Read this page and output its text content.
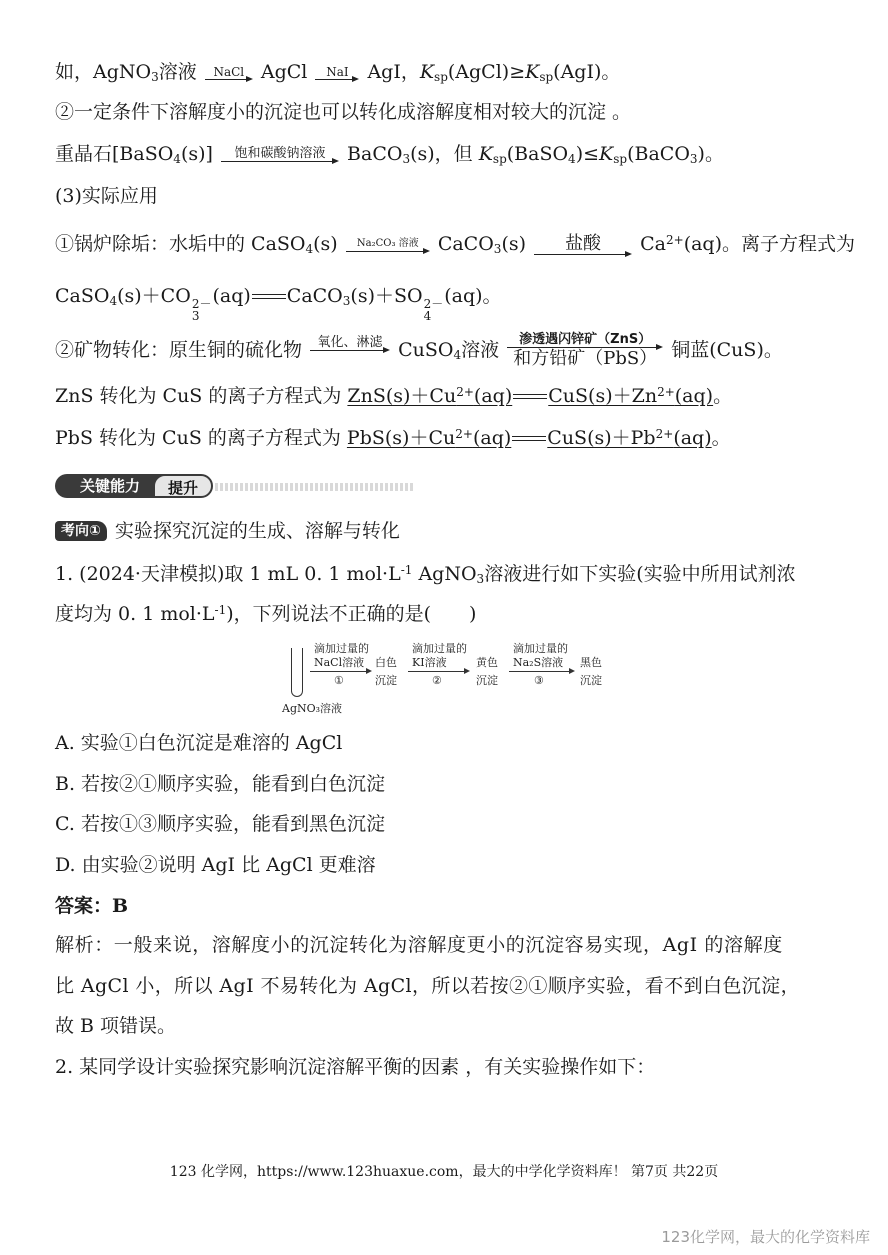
如，AgNO$_3$溶液 NaCl AgCl NaI AgI，$K_{sp}(AgCl)\ge K_{sp}(AgI)$。
②一定条件下溶解度小的沉淀也可以转化成溶解度相对较大的沉淀 。
重晶石[BaSO$_4$(s)] 饱和碳酸钠溶液 BaCO$_3$(s)，但 $K_{sp}(BaSO_4)\le K_{sp}(BaCO_3)$。
(3)实际应用
①锅炉除垢：水垢中的 CaSO$_4$(s) Na₂CO₃ 溶液 CaCO$_3$(s) 盐酸 $Ca^{2+}(aq)$。离子方程式为
CaSO$_4$(s)＋CO 2－
3
(aq) CaCO$_3$(s)＋SO 2－
4
(aq)。
②矿物转化：原生铜的硫化物 氧化、淋滤
CuSO$_4$溶液 渗透遇闪锌矿（ZnS）
和方铅矿（PbS） 铜蓝(CuS)。
ZnS 转化为 CuS 的离子方程式为 $ZnS(s)+Cu^{2+}(aq)$ $CuS(s)+Zn^{2+}(aq)$。
PbS 转化为 CuS 的离子方程式为 $PbS(s)+Cu^{2+}(aq)$ $CuS(s)+Pb^{2+}(aq)$。
关键能力	提升
考向① 实验探究沉淀的生成、溶解与转化
1. (2024·天津模拟)取 1 mL 0. 1 $mol\cdot L^{-1}$ AgNO$_3$溶液进行如下实验(实验中所用试剂浓
度均为 0. 1 $mol\cdot L^{-1}$)，下列说法不正确的是(　　)
AgNO₃溶液
滴加过量的
NaCl溶液
①
白色
沉淀
滴加过量的
KI溶液
②
黄色
沉淀
滴加过量的
Na₂S溶液
③
黑色
沉淀
A. 实验①白色沉淀是难溶的 AgCl
B. 若按②①顺序实验，能看到白色沉淀
C. 若按①③顺序实验，能看到黑色沉淀
D. 由实验②说明 AgI 比 AgCl 更难溶
答案：B
解析：一般来说，溶解度小的沉淀转化为溶解度更小的沉淀容易实现，AgI 的溶解度
比 AgCl 小，所以 AgI 不易转化为 AgCl，所以若按②①顺序实验，看不到白色沉淀，
故 B 项错误。
2. 某同学设计实验探究影响沉淀溶解平衡的因素 ，有关实验操作如下：
123 化学网，https://www.123huaxue.com，最大的中学化学资料库！ 第7页 共22页
123化学网，最大的化学资料库
